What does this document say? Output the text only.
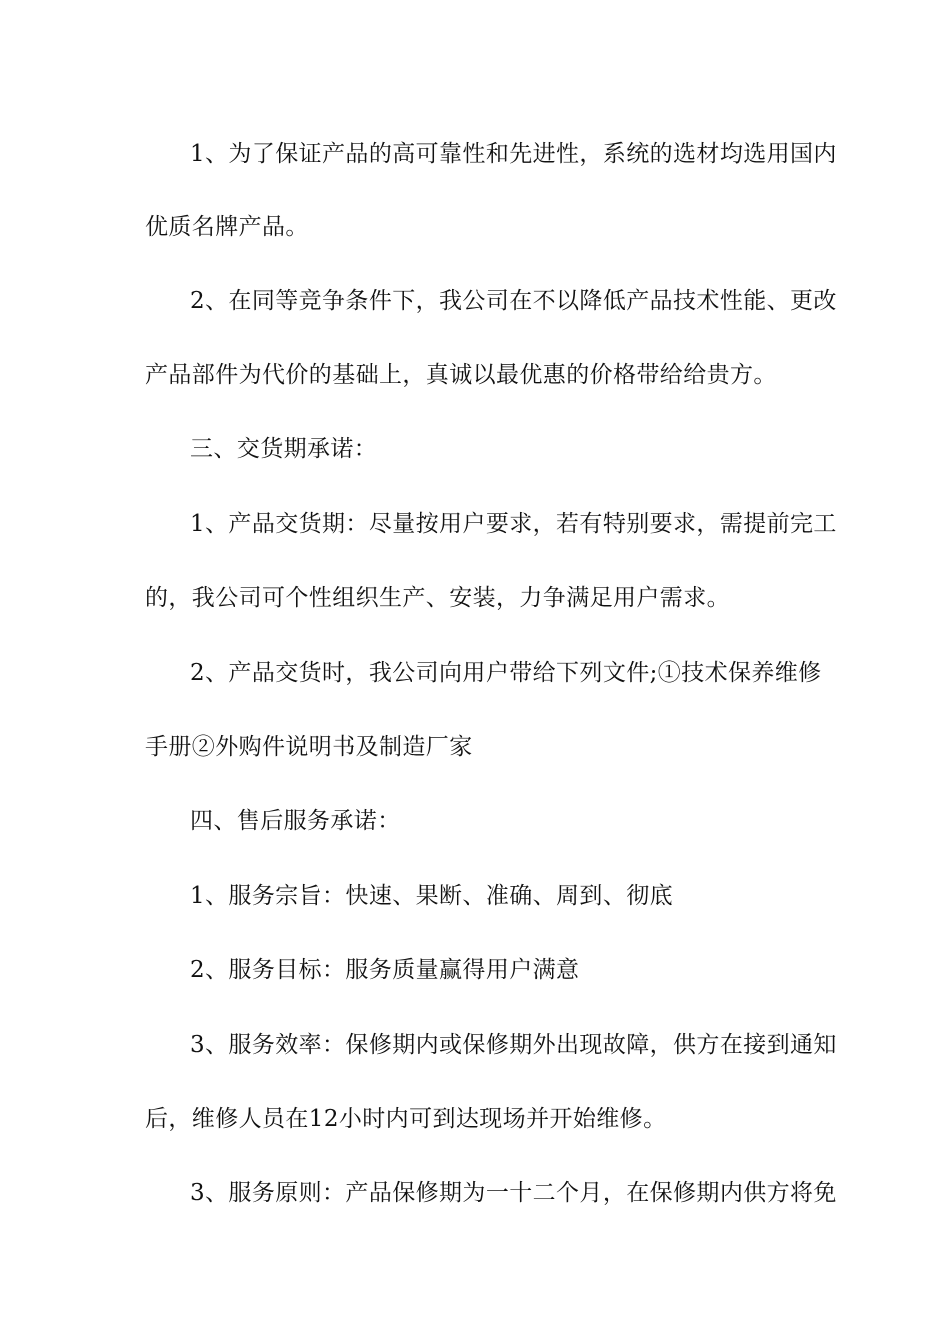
1、为了保证产品的高可靠性和先进性，系统的选材均选用国内
优质名牌产品。
2、在同等竞争条件下，我公司在不以降低产品技术性能、更改
产品部件为代价的基础上，真诚以最优惠的价格带给给贵方。
三、交货期承诺：
1、产品交货期：尽量按用户要求，若有特别要求，需提前完工
的，我公司可个性组织生产、安装，力争满足用户需求。
2、产品交货时，我公司向用户带给下列文件;①技术保养维修
手册②外购件说明书及制造厂家
四、售后服务承诺：
1、服务宗旨：快速、果断、准确、周到、彻底
2、服务目标：服务质量赢得用户满意
3、服务效率：保修期内或保修期外出现故障，供方在接到通知
后，维修人员在12小时内可到达现场并开始维修。
3、服务原则：产品保修期为一十二个月，在保修期内供方将免
